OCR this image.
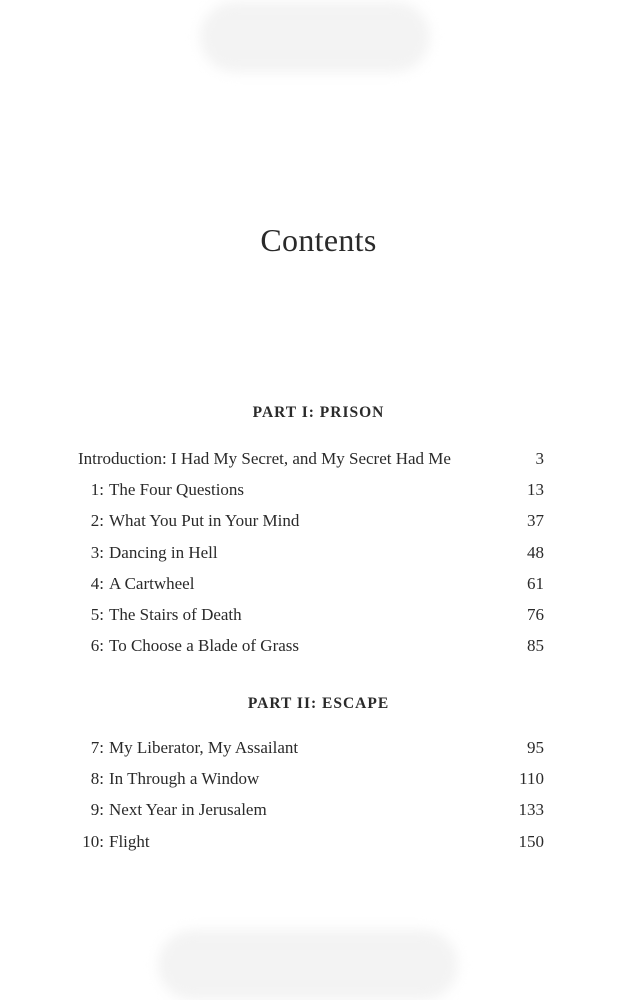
Contents
PART I: PRISON
Introduction: I Had My Secret, and My Secret Had Me	3
1: The Four Questions	13
2: What You Put in Your Mind	37
3: Dancing in Hell	48
4: A Cartwheel	61
5: The Stairs of Death	76
6: To Choose a Blade of Grass	85
PART II: ESCAPE
7: My Liberator, My Assailant	95
8: In Through a Window	110
9: Next Year in Jerusalem	133
10: Flight	150
